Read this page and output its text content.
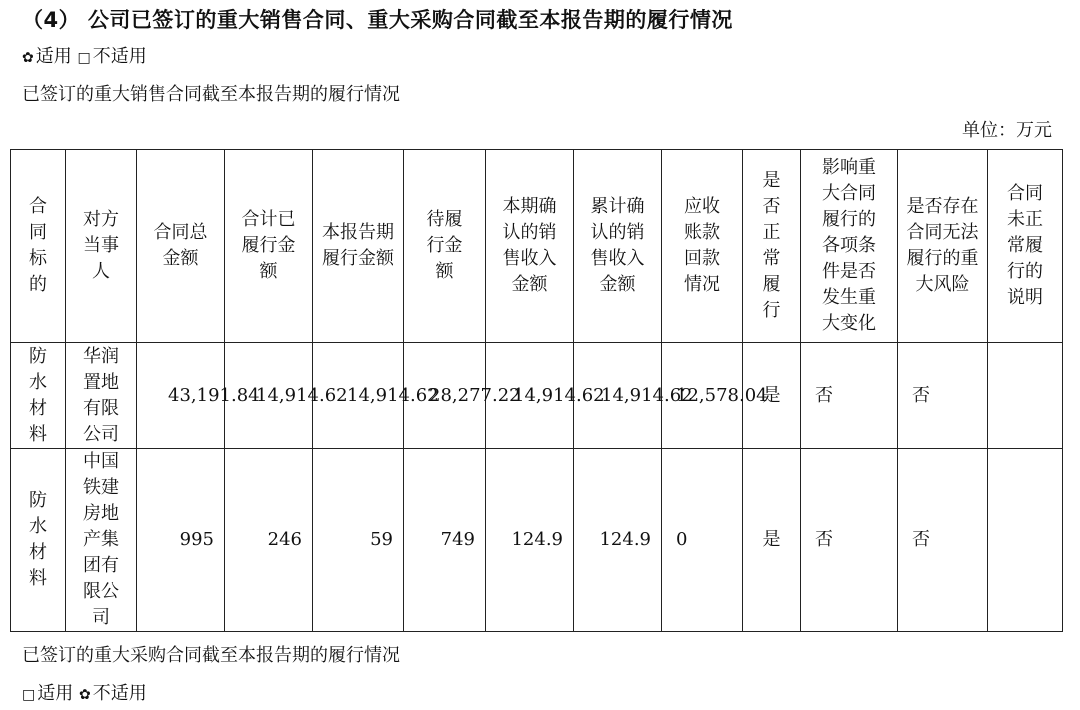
（4） 公司已签订的重大销售合同、重大采购合同截至本报告期的履行情况
✿ 适用 □ 不适用
已签订的重大销售合同截至本报告期的履行情况
单位：万元
合同标的	对方当事人	合同总金额	合计已履行金额	本报告期履行金额	待履行金额	本期确认的销售收入金额	累计确认的销售收入金额	应收账款回款情况	是否正常履行	影响重大合同履行的各项条件是否发生重大变化	是否存在合同无法履行的重大风险	合同未正常履行的说明
防水材料	华润置地有限公司	43,191.84	14,914.62	14,914.62	28,277.22	14,914.62	14,914.62	12,578.04	是	否	否	
防水材料	中国铁建房地产集团有限公司	995	246	59	749	124.9	124.9	0	是	否	否	
已签订的重大采购合同截至本报告期的履行情况
□ 适用 ✿ 不适用
